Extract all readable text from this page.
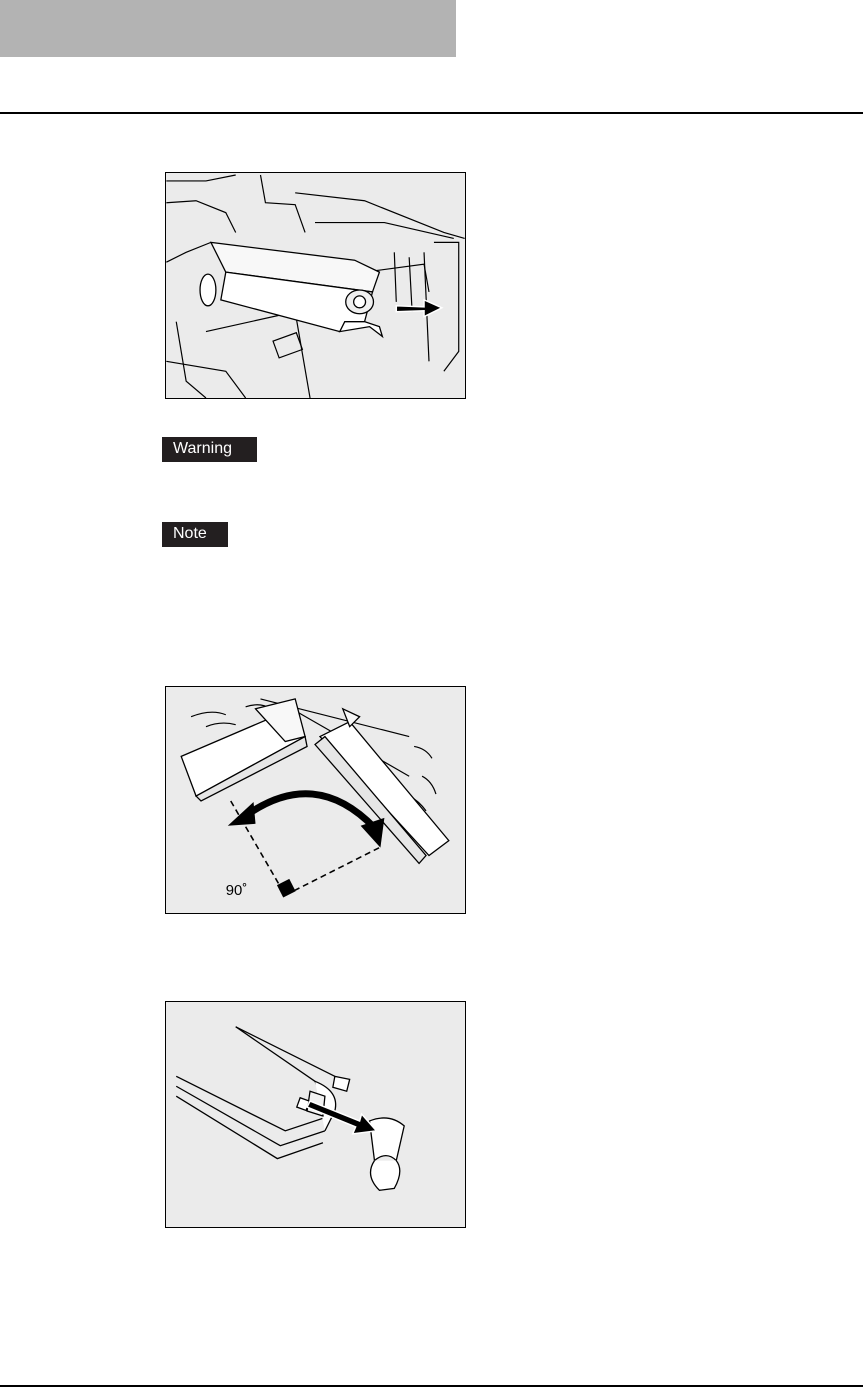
Warning
Note
90˚
